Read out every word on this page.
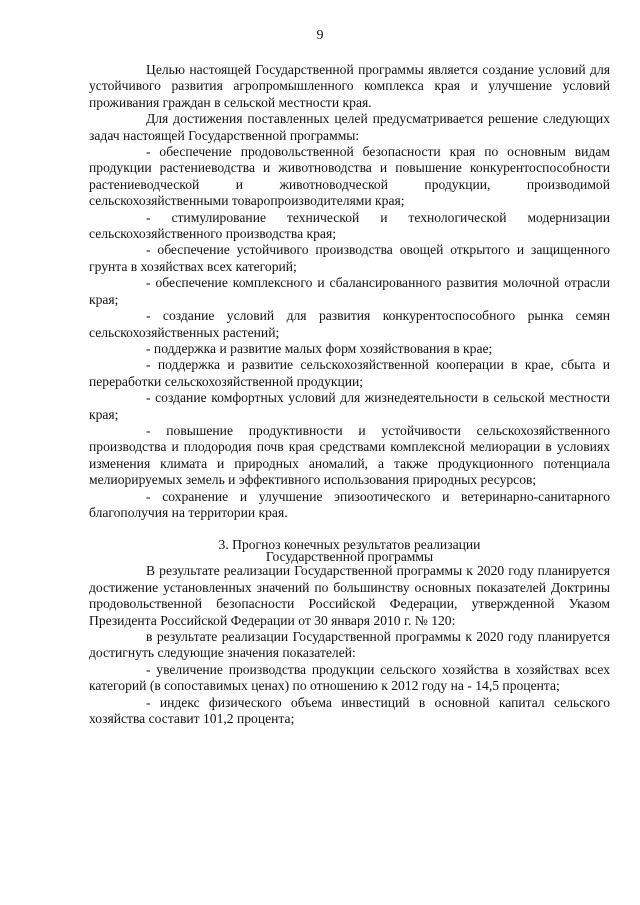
9

Целью настоящей Государственной программы является создание условий для устойчивого развития агропромышленного комплекса края и улучшение условий проживания граждан в сельской местности края.

Для достижения поставленных целей предусматривается решение следующих задач настоящей Государственной программы:

- обеспечение продовольственной безопасности края по основным видам продукции растениеводства и животноводства и повышение конкурентоспособности растениеводческой и животноводческой продукции, производимой сельскохозяйственными товаропроизводителями края;

- стимулирование технической и технологической модернизации сельскохозяйственного производства края;

- обеспечение устойчивого производства овощей открытого и защищенного грунта в хозяйствах всех категорий;

- обеспечение комплексного и сбалансированного развития молочной отрасли края;

- создание условий для развития конкурентоспособного рынка семян сельскохозяйственных растений;

- поддержка и развитие малых форм хозяйствования в крае;

- поддержка и развитие сельскохозяйственной кооперации в крае, сбыта и переработки сельскохозяйственной продукции;

- создание комфортных условий для жизнедеятельности в сельской местности края;

- повышение продуктивности и устойчивости сельскохозяйственного производства и плодородия почв края средствами комплексной мелиорации в условиях изменения климата и природных аномалий, а также продукционного потенциала мелиорируемых земель и эффективного использования природных ресурсов;

- сохранение и улучшение эпизоотического и ветеринарно-санитарного благополучия на территории края.

3. Прогноз конечных результатов реализации
Государственной программы

В результате реализации Государственной программы к 2020 году планируется достижение установленных значений по большинству основных показателей Доктрины продовольственной безопасности Российской Федерации, утвержденной Указом Президента Российской Федерации от 30 января 2010 г. № 120:

в результате реализации Государственной программы к 2020 году планируется достигнуть следующие значения показателей:

- увеличение производства продукции сельского хозяйства в хозяйствах всех категорий (в сопоставимых ценах) по отношению к 2012 году на - 14,5 процента;

- индекс физического объема инвестиций в основной капитал сельского хозяйства составит 101,2 процента;
